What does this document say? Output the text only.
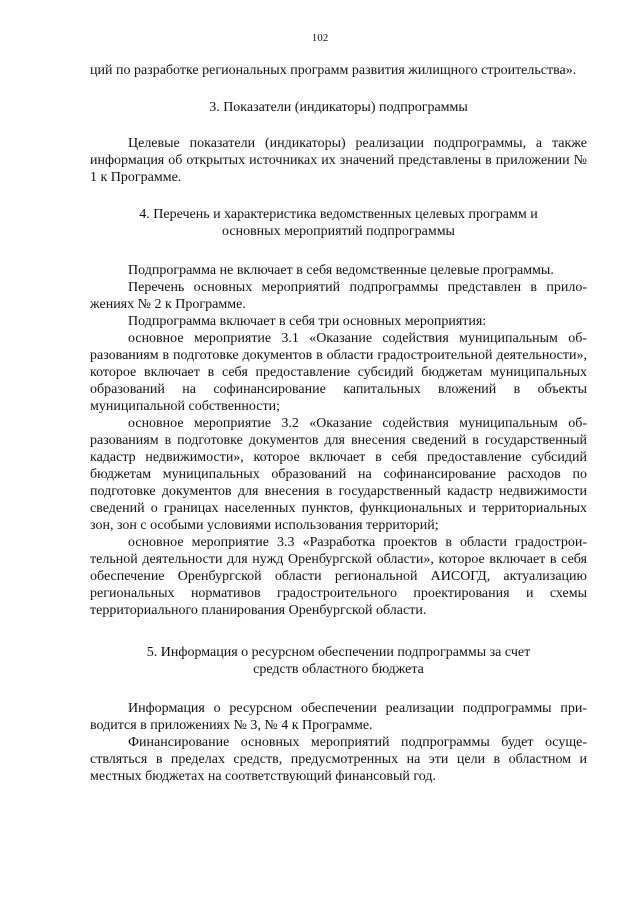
102

ций по разработке региональных программ развития жилищного строительства».

3. Показатели (индикаторы) подпрограммы

Целевые показатели (индикаторы) реализации подпрограммы, а также информация об открытых источниках их значений представлены в приложении № 1 к Программе.

4. Перечень и характеристика ведомственных целевых программ и
основных мероприятий подпрограммы

Подпрограмма не включает в себя ведомственные целевые программы.

Перечень основных мероприятий подпрограммы представлен в приложениях № 2 к Программе.

Подпрограмма включает в себя три основных мероприятия:

основное мероприятие 3.1 «Оказание содействия муниципальным образованиям в подготовке документов в области градостроительной деятельности», которое включает в себя предоставление субсидий бюджетам муниципальных образований на софинансирование капитальных вложений в объекты муниципальной собственности;

основное мероприятие 3.2 «Оказание содействия муниципальным образованиям в подготовке документов для внесения сведений в государственный кадастр недвижимости», которое включает в себя предоставление субсидий бюджетам муниципальных образований на софинансирование расходов по подготовке документов для внесения в государственный кадастр недвижимости сведений о границах населенных пунктов, функциональных и территориальных зон, зон с особыми условиями использования территорий;

основное мероприятие 3.3 «Разработка проектов в области градостроительной деятельности для нужд Оренбургской области», которое включает в себя обеспечение Оренбургской области региональной АИСОГД, актуализацию региональных нормативов градостроительного проектирования и схемы территориального планирования Оренбургской области.

5. Информация о ресурсном обеспечении подпрограммы за счет
средств областного бюджета

Информация о ресурсном обеспечении реализации подпрограммы приводится в приложениях № 3, № 4 к Программе.

Финансирование основных мероприятий подпрограммы будет осуществляться в пределах средств, предусмотренных на эти цели в областном и местных бюджетах на соответствующий финансовый год.
